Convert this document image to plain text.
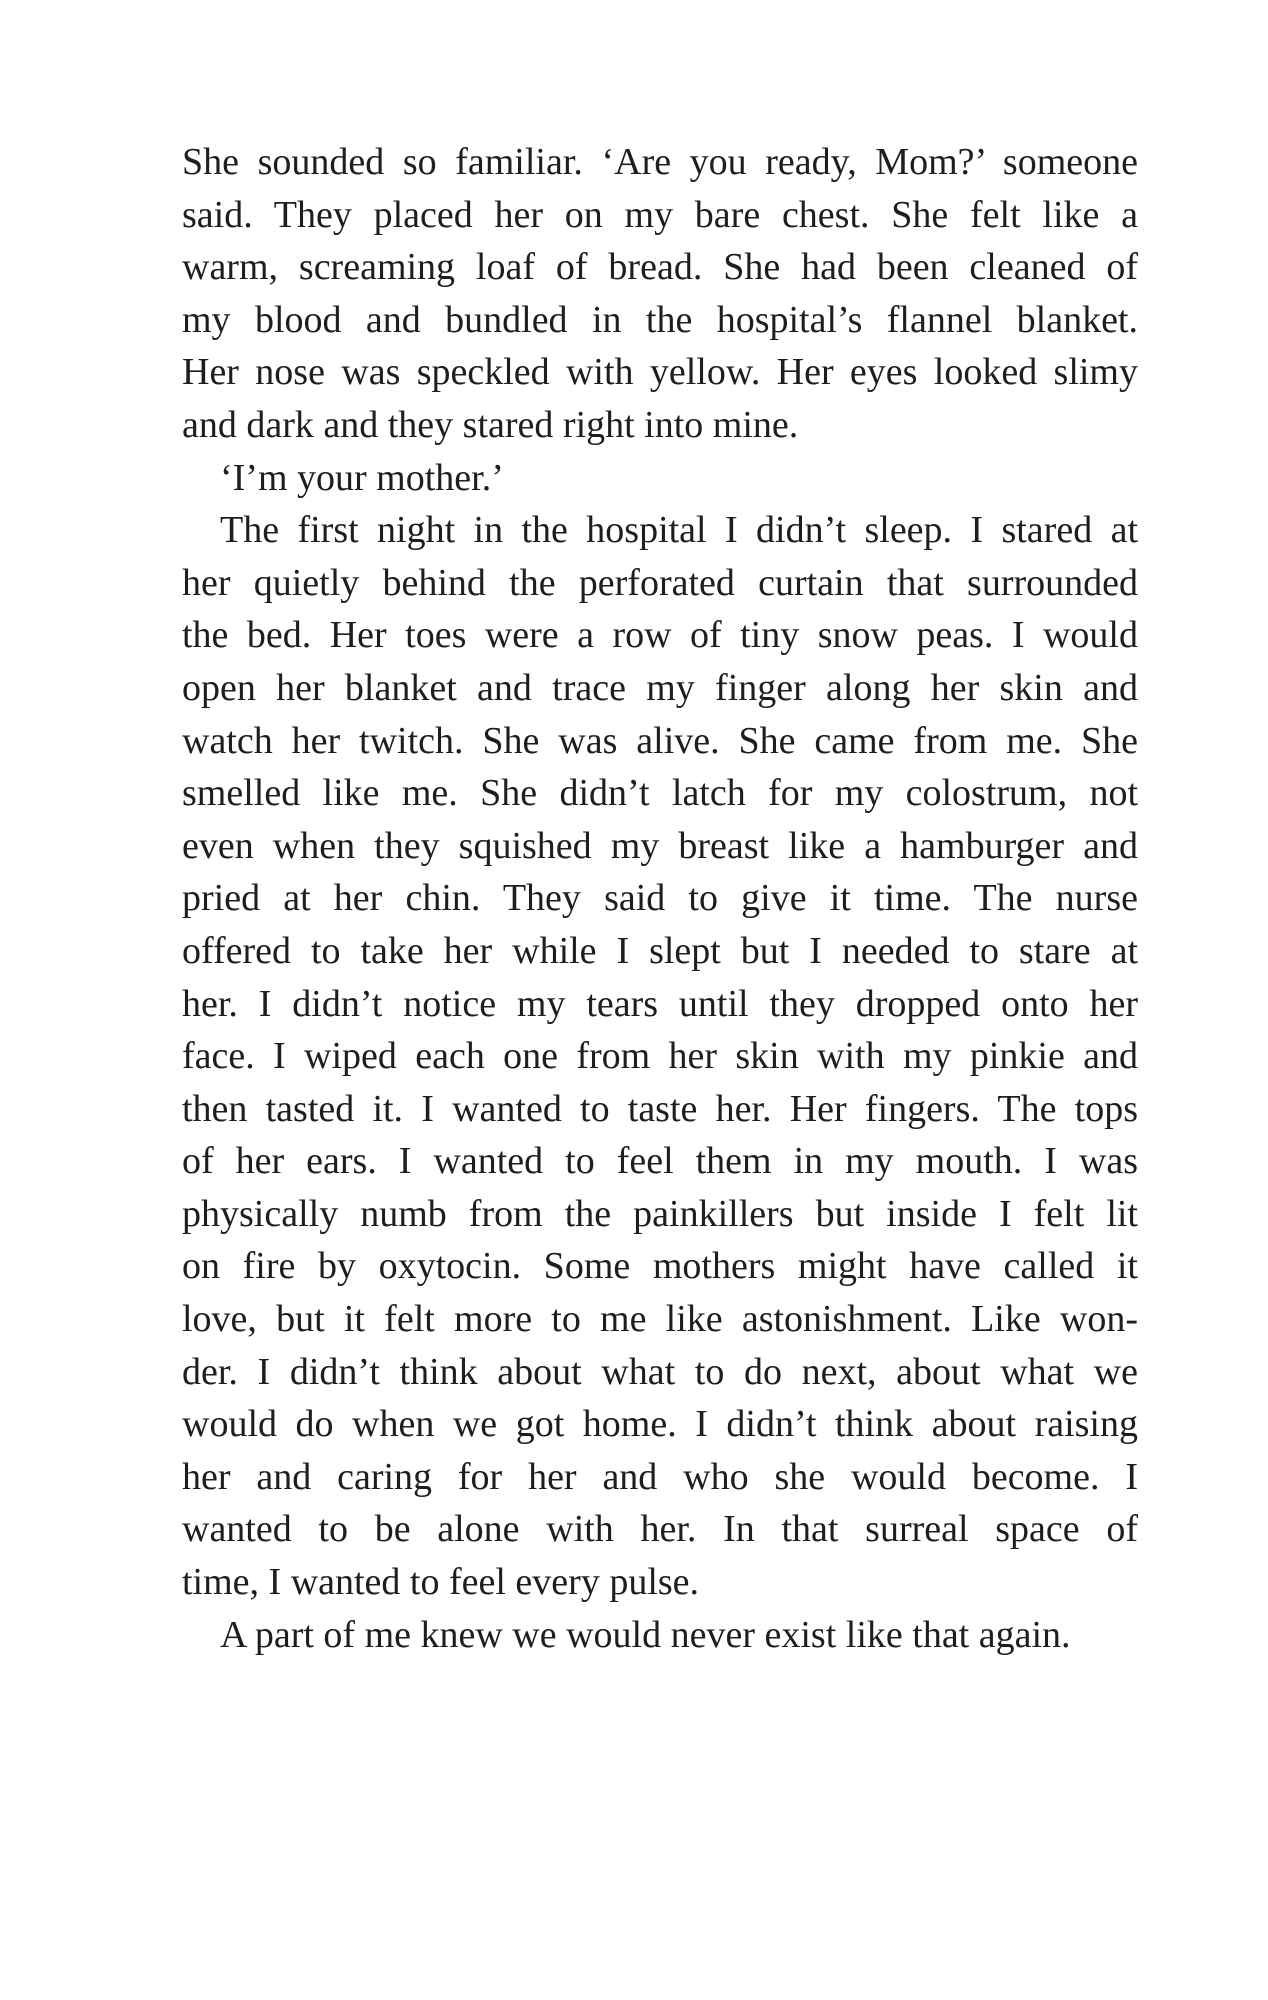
She sounded so familiar. ‘Are you ready, Mom?’ someone
said. They placed her on my bare chest. She felt like a
warm, screaming loaf of bread. She had been cleaned of
my blood and bundled in the hospital’s flannel blanket.
Her nose was speckled with yellow. Her eyes looked slimy
and dark and they stared right into mine.
‘I’m your mother.’
The first night in the hospital I didn’t sleep. I stared at
her quietly behind the perforated curtain that surrounded
the bed. Her toes were a row of tiny snow peas. I would
open her blanket and trace my finger along her skin and
watch her twitch. She was alive. She came from me. She
smelled like me. She didn’t latch for my colostrum, not
even when they squished my breast like a hamburger and
pried at her chin. They said to give it time. The nurse
offered to take her while I slept but I needed to stare at
her. I didn’t notice my tears until they dropped onto her
face. I wiped each one from her skin with my pinkie and
then tasted it. I wanted to taste her. Her fingers. The tops
of her ears. I wanted to feel them in my mouth. I was
physically numb from the painkillers but inside I felt lit
on fire by oxytocin. Some mothers might have called it
love, but it felt more to me like astonishment. Like won-
der. I didn’t think about what to do next, about what we
would do when we got home. I didn’t think about raising
her and caring for her and who she would become. I
wanted to be alone with her. In that surreal space of
time, I wanted to feel every pulse.
A part of me knew we would never exist like that again.
